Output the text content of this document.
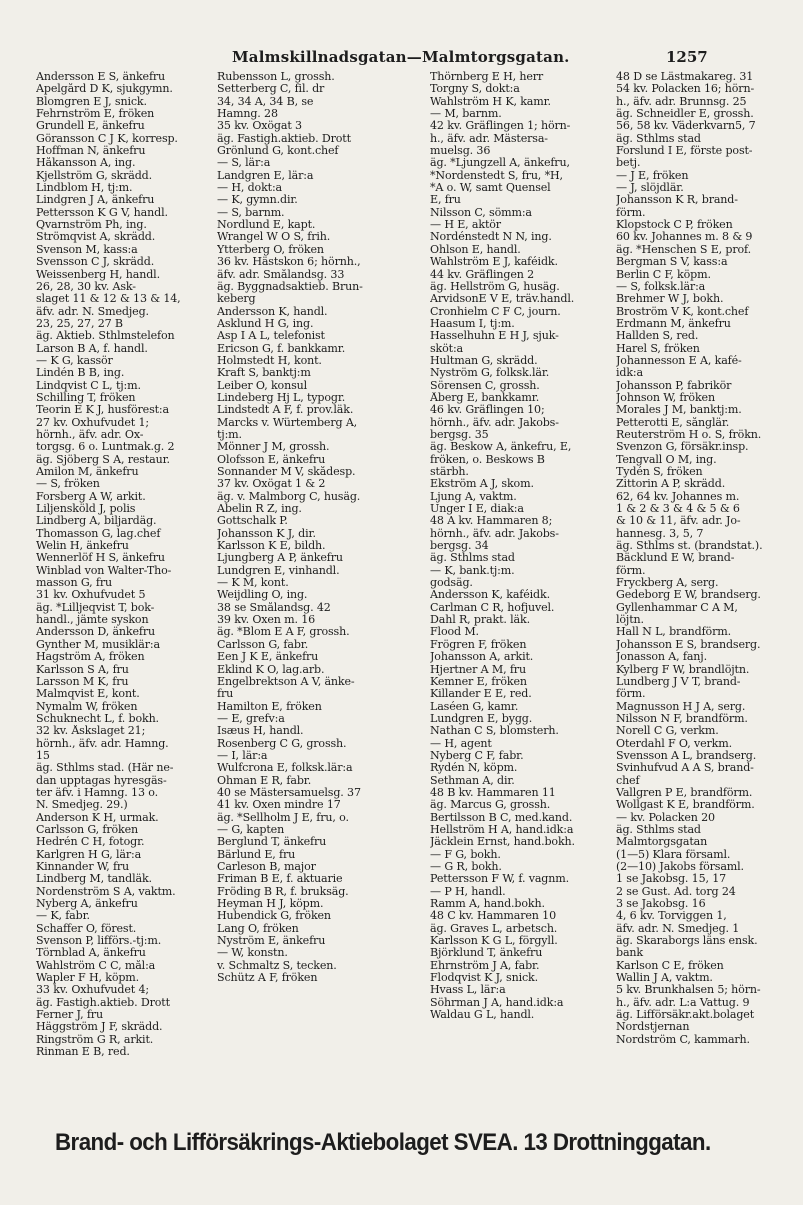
Malmskillnadsgatan—Malmtorgsgatan.	1257
Andersson E S, änkefru
Apelgård D K, sjukgymn.
Blomgren E J, snick.
Fehrnström E, fröken
Grundell E, änkefru
Göransson C J K, korresp.
Hoffman N, änkefru
Håkansson A, ing.
Kjellström G, skrädd.
Lindblom H, tj:m.
Lindgren J A, änkefru
Pettersson K G V, handl.
Qvarnström Ph, ing.
Strömqvist A, skrädd.
Svenson M, kass:a
Svensson C J, skrädd.
Weissenberg H, handl.
26, 28, 30 kv. Ask-
slaget 11 & 12 & 13 & 14,
äfv. adr. N. Smedjeg.
23, 25, 27, 27 B
äg. Aktieb. Sthlmstelefon
Larson B A, f. handl.
— K G, kassör
Lindén B B, ing.
Lindqvist C L, tj:m.
Schilling T, fröken
Teorin E K J, husförest:a
27 kv. Oxhufvudet 1;
hörnh., äfv. adr. Ox-
torgsg. 6 o. Luntmak.g. 2
äg. Sjöberg S A, restaur.
Amilon M, änkefru
— S, fröken
Forsberg A W, arkit.
Liljensköld J, polis
Lindberg A, biljardäg.
Thomasson G, lag.chef
Welin H, änkefru
Wennerlöf H S, änkefru
Winblad von Walter-Tho-
masson G, fru
31 kv. Oxhufvudet 5
äg. *Lilljeqvist T, bok-
handl., jämte syskon
Andersson D, änkefru
Gynther M, musiklär:a
Hagström A, fröken
Karlsson S A, fru
Larsson M K, fru
Malmqvist E, kont.
Nymalm W, fröken
Schuknecht L, f. bokh.
32 kv. Åskslaget 21;
hörnh., äfv. adr. Hamng.
15
äg. Sthlms stad. (Här ne-
dan upptagas hyresgäs-
ter äfv. i Hamng. 13 o.
N. Smedjeg. 29.)
Anderson K H, urmak.
Carlsson G, fröken
Hedrén C H, fotogr.
Karlgren H G, lär:a
Kinnander W, fru
Lindberg M, tandläk.
Nordenström S A, vaktm.
Nyberg A, änkefru
— K, fabr.
Schaffer O, förest.
Svenson P, lifförs.-tj:m.
Törnblad A, änkefru
Wahlström C C, mål:a
Wapler F H, köpm.
33 kv. Oxhufvudet 4;
äg. Fastigh.aktieb. Drott
Ferner J, fru
Häggström J F, skrädd.
Ringström G R, arkit.
Rinman E B, red.
Rubensson L, grossh.
Setterberg C, fil. dr
34, 34 A, 34 B, se
Hamng. 28
35 kv. Oxögat 3
äg. Fastigh.aktieb. Drott
Grönlund G, kont.chef
— S, lär:a
Landgren E, lär:a
— H, dokt:a
— K, gymn.dir.
— S, barnm.
Nordlund E, kapt.
Wrangel W O S, frih.
Ytterberg O, fröken
36 kv. Hästskon 6; hörnh.,
äfv. adr. Smålandsg. 33
äg. Byggnadsaktieb. Brun-
keberg
Andersson K, handl.
Asklund H G, ing.
Asp I A L, telefonist
Ericson G, f. bankkamr.
Holmstedt H, kont.
Kraft S, banktj:m
Leiber O, konsul
Lindeberg Hj L, typogr.
Lindstedt A F, f. prov.läk.
Marcks v. Würtemberg A,
tj:m.
Mönner J M, grossh.
Olofsson E, änkefru
Sonnander M V, skådesp.
37 kv. Oxögat 1 & 2
äg. v. Malmborg C, husäg.
Abelin R Z, ing.
Gottschalk P.
Johansson K J, dir.
Karlsson K E, bildh.
Ljungberg A P, änkefru
Lundgren E, vinhandl.
— K M, kont.
Weijdling O, ing.
38 se Smålandsg. 42
39 kv. Oxen m. 16
äg. *Blom E A F, grossh.
Carlsson G, fabr.
Een J K E, änkefru
Eklind K O, lag.arb.
Engelbrektson A V, änke-
fru
Hamilton E, fröken
— E, grefv:a
Isæus H, handl.
Rosenberg C G, grossh.
— I, lär:a
Wulfcrona E, folksk.lär:a
Öhman E R, fabr.
40 se Mästersamuelsg. 37
41 kv. Oxen mindre 17
äg. *Sellholm J E, fru, o.
— G, kapten
Berglund T, änkefru
Bärlund E, fru
Carleson B, major
Friman B E, f. aktuarie
Fröding B R, f. bruksäg.
Heyman H J, köpm.
Hubendick G, fröken
Lang O, fröken
Nyström E, änkefru
— W, konstn.
v. Schmaltz S, tecken.
Schütz A F, fröken
Thörnberg E H, herr
Torgny S, dokt:a
Wahlström H K, kamr.
— M, barnm.
42 kv. Gräflingen 1; hörn-
h., äfv. adr. Mästersa-
muelsg. 36
äg. *Ljungzell A, änkefru,
*Nordenstedt S, fru, *H,
*A o. W, samt Quensel
E, fru
Nilsson C, sömm:a
— H E, aktör
Nordénstedt N N, ing.
Ohlson E, handl.
Wahlström E J, kaféidk.
44 kv. Gräflingen 2
äg. Hellström G, husäg.
ArvidsonE V E, träv.handl.
Cronhielm C F C, journ.
Haasum I, tj:m.
Hasselhuhn E H J, sjuk-
sköt:a
Hultman G, skrädd.
Nyström G, folksk.lär.
Sörensen C, grossh.
Åberg E, bankkamr.
46 kv. Gräflingen 10;
hörnh., äfv. adr. Jakobs-
bergsg. 35
äg. Beskow A, änkefru, E,
fröken, o. Beskows B
stärbh.
Ekström A J, skom.
Ljung A, vaktm.
Unger I E, diak:a
48 A kv. Hammaren 8;
hörnh., äfv. adr. Jakobs-
bergsg. 34
äg. Sthlms stad
— K, bank.tj:m.
godsäg.
Andersson K, kaféidk.
Carlman C R, hofjuvel.
Dahl R, prakt. läk.
Flood M.
Frögren F, fröken
Johansson A, arkit.
Hjertner A M, fru
Kemner E, fröken
Killander E E, red.
Laséen G, kamr.
Lundgren E, bygg.
Nathan C S, blomsterh.
— H, agent
Nyberg C F, fabr.
Rydén N, köpm.
Sethman A, dir.
48 B kv. Hammaren 11
äg. Marcus G, grossh.
Bertilsson B C, med.kand.
Hellström H A, hand.idk:a
Jäcklein Ernst, hand.bokh.
— F G, bokh.
— G R, bokh.
Pettersson F W, f. vagnm.
— P H, handl.
Ramm A, hand.bokh.
48 C kv. Hammaren 10
äg. Graves L, arbetsch.
Karlsson K G L, förgyll.
Björklund T, änkefru
Ehrnström J A, fabr.
Flodqvist K J, snick.
Hvass L, lär:a
Söhrman J A, hand.idk:a
Waldau G L, handl.
48 D se Lästmakareg. 31
54 kv. Polacken 16; hörn-
h., äfv. adr. Brunnsg. 25
äg. Schneidler E, grossh.
56, 58 kv. Väderkvarn5, 7
äg. Sthlms stad
Forslund I E, förste post-
betj.
— J E, fröken
— J, slöjdlär.
Johansson K R, brand-
förm.
Klopstock C P, fröken
60 kv. Johannes m. 8 & 9
äg. *Henschen S E, prof.
Bergman S V, kass:a
Berlin C F, köpm.
— S, folksk.lär:a
Brehmer W J, bokh.
Broström V K, kont.chef
Erdmann M, änkefru
Hallden S, red.
Harel S, fröken
Johannesson E A, kafé-
idk:a
Johansson P, fabrikör
Johnson W, fröken
Morales J M, banktj:m.
Petterotti E, sånglär.
Reuterström H o. S, frökn.
Svenzon G, försäkr.insp.
Tengvall O M, ing.
Tydén S, fröken
Zittorin A P, skrädd.
62, 64 kv. Johannes m.
1 & 2 & 3 & 4 & 5 & 6
& 10 & 11, äfv. adr. Jo-
hannesg. 3, 5, 7
äg. Sthlms st. (brandstat.).
Bäcklund E W, brand-
förm.
Fryckberg A, serg.
Gedeborg E W, brandserg.
Gyllenhammar C A M,
löjtn.
Hall N L, brandförm.
Johansson E S, brandserg.
Jonasson A, fanj.
Kylberg F W, brandlöjtn.
Lundberg J V T, brand-
förm.
Magnusson H J A, serg.
Nilsson N F, brandförm.
Norell C G, verkm.
Oterdahl F O, verkm.
Svensson A L, brandserg.
Svinhufvud A A S, brand-
chef
Vallgren P E, brandförm.
Wollgast K E, brandförm.
— kv. Polacken 20
äg. Sthlms stad
Malmtorgsgatan
(1—5) Klara församl.
(2—10) Jakobs församl.
1 se Jakobsg. 15, 17
2 se Gust. Ad. torg 24
3 se Jakobsg. 16
4, 6 kv. Torviggen 1,
äfv. adr. N. Smedjeg. 1
äg. Skaraborgs läns ensk.
bank
Karlson C E, fröken
Wallin J A, vaktm.
5 kv. Brunkhalsen 5; hörn-
h., äfv. adr. L:a Vattug. 9
äg. Lifförsäkr.akt.bolaget
Nordstjernan
Nordström C, kammarh.
Brand- och Lifförsäkrings-Aktiebolaget SVEA. 13 Drottninggatan.
